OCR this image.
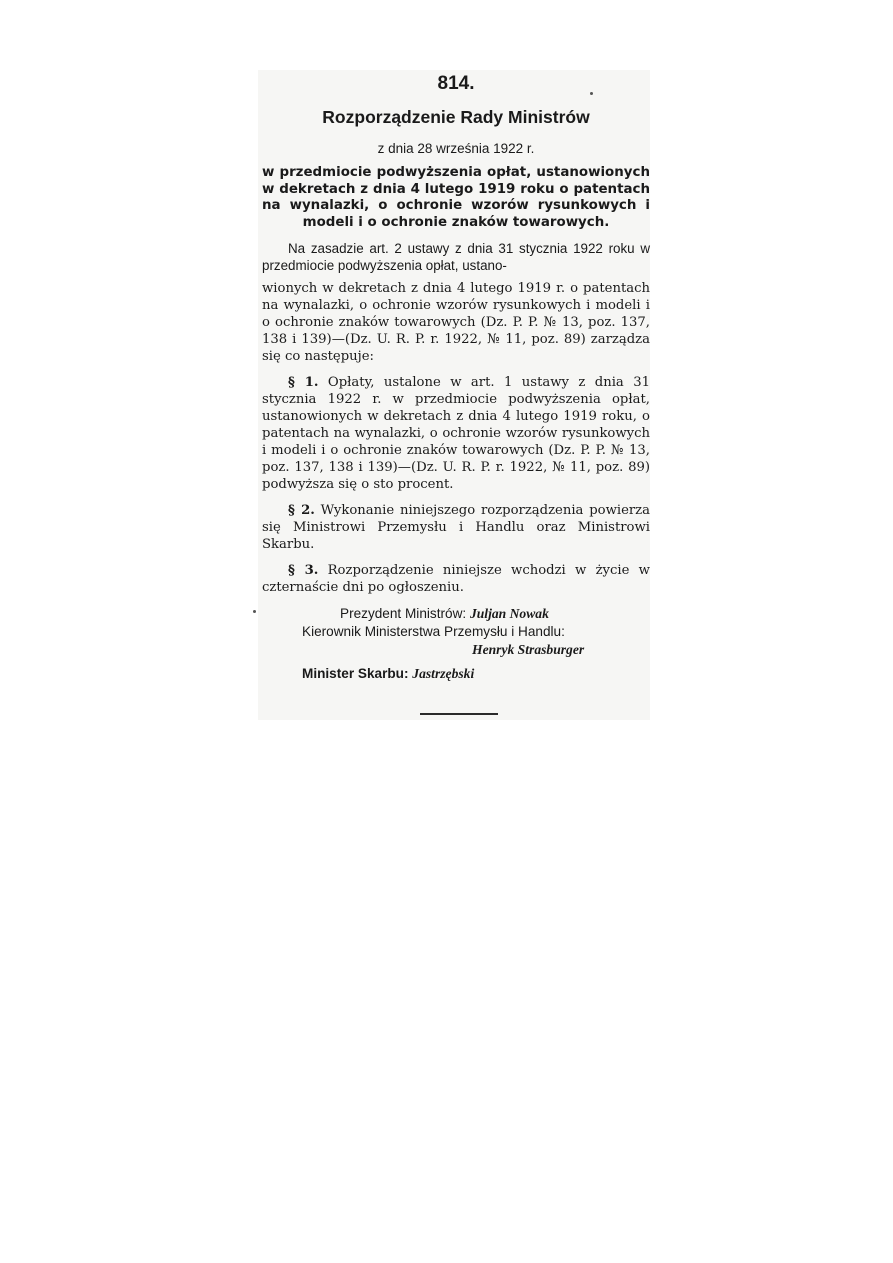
814.
Rozporządzenie Rady Ministrów
z dnia 28 września 1922 r.
w przedmiocie podwyższenia opłat, ustanowionych w dekretach z dnia 4 lutego 1919 roku o patentach na wynalazki, o ochronie wzorów rysunkowych i modeli i o ochronie znaków towarowych.

Na zasadzie art. 2 ustawy z dnia 31 stycznia 1922 roku w przedmiocie podwyższenia opłat, ustano-

wionych w dekretach z dnia 4 lutego 1919 r. o patentach na wynalazki, o ochronie wzorów rysunkowych i modeli i o ochronie znaków towarowych (Dz. P. P. № 13, poz. 137, 138 i 139)—(Dz. U. R. P. r. 1922, № 11, poz. 89) zarządza się co następuje:

§ 1. Opłaty, ustalone w art. 1 ustawy z dnia 31 stycznia 1922 r. w przedmiocie podwyższenia opłat, ustanowionych w dekretach z dnia 4 lutego 1919 roku, o patentach na wynalazki, o ochronie wzorów rysunkowych i modeli i o ochronie znaków towarowych (Dz. P. P. № 13, poz. 137, 138 i 139)—(Dz. U. R. P. r. 1922, № 11, poz. 89) podwyższa się o sto procent.

§ 2. Wykonanie niniejszego rozporządzenia powierza się Ministrowi Przemysłu i Handlu oraz Ministrowi Skarbu.

§ 3. Rozporządzenie niniejsze wchodzi w życie w czternaście dni po ogłoszeniu.

Prezydent Ministrów: Juljan Nowak

Kierownik Ministerstwa Przemysłu i Handlu:

Henryk Strasburger

Minister Skarbu: Jastrzębski
